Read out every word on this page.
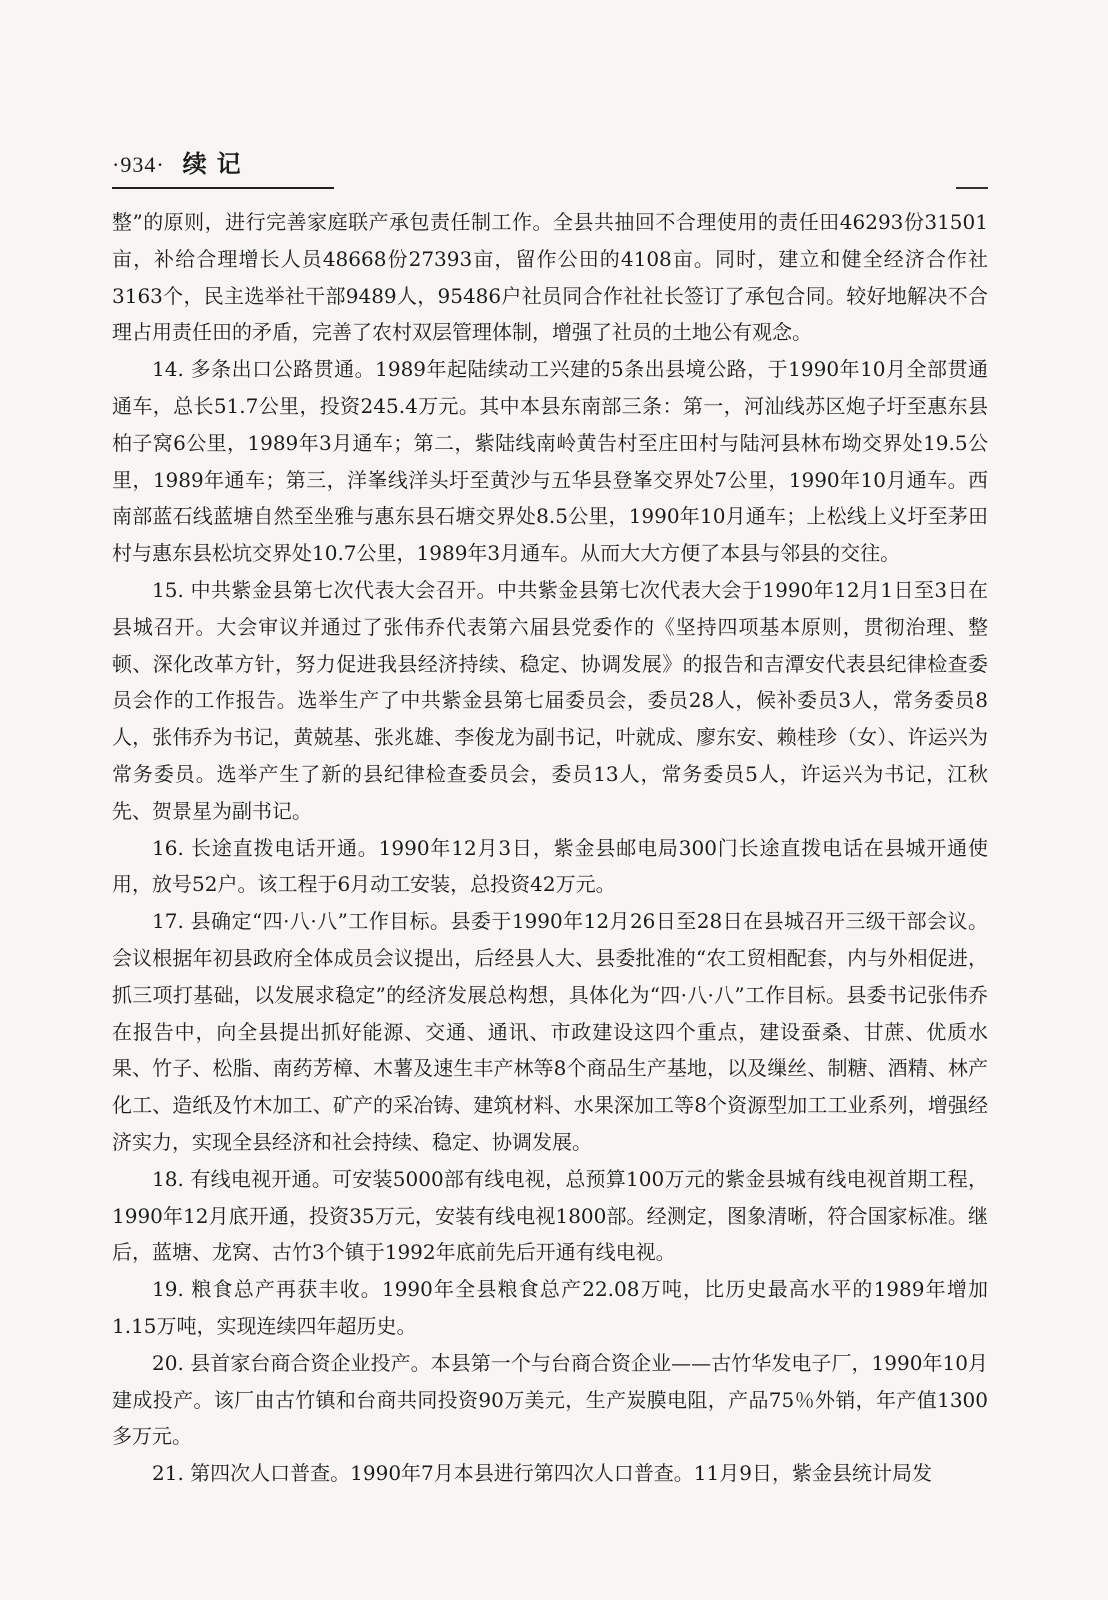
·934· 续记

整”的原则，进行完善家庭联产承包责任制工作。全县共抽回不合理使用的责任田46293份31501亩，补给合理增长人员48668份27393亩，留作公田的4108亩。同时，建立和健全经济合作社3163个，民主选举社干部9489人，95486户社员同合作社社长签订了承包合同。较好地解决不合理占用责任田的矛盾，完善了农村双层管理体制，增强了社员的土地公有观念。

14. 多条出口公路贯通。1989年起陆续动工兴建的5条出县境公路，于1990年10月全部贯通通车，总长51.7公里，投资245.4万元。其中本县东南部三条：第一，河汕线苏区炮子圩至惠东县柏子窝6公里，1989年3月通车；第二，紫陆线南岭黄告村至庄田村与陆河县林布坳交界处19.5公里，1989年通车；第三，洋峯线洋头圩至黄沙与五华县登峯交界处7公里，1990年10月通车。西南部蓝石线蓝塘自然至坐雅与惠东县石塘交界处8.5公里，1990年10月通车；上松线上义圩至茅田村与惠东县松坑交界处10.7公里，1989年3月通车。从而大大方便了本县与邻县的交往。

15. 中共紫金县第七次代表大会召开。中共紫金县第七次代表大会于1990年12月1日至3日在县城召开。大会审议并通过了张伟乔代表第六届县党委作的《坚持四项基本原则，贯彻治理、整顿、深化改革方针，努力促进我县经济持续、稳定、协调发展》的报告和吉潭安代表县纪律检查委员会作的工作报告。选举生产了中共紫金县第七届委员会，委员28人，候补委员3人，常务委员8人，张伟乔为书记，黄兢基、张兆雄、李俊龙为副书记，叶就成、廖东安、赖桂珍（女）、许运兴为常务委员。选举产生了新的县纪律检查委员会，委员13人，常务委员5人，许运兴为书记，江秋先、贺景星为副书记。

16. 长途直拨电话开通。1990年12月3日，紫金县邮电局300门长途直拨电话在县城开通使用，放号52户。该工程于6月动工安装，总投资42万元。

17. 县确定“四·八·八”工作目标。县委于1990年12月26日至28日在县城召开三级干部会议。会议根据年初县政府全体成员会议提出，后经县人大、县委批准的“农工贸相配套，内与外相促进，抓三项打基础，以发展求稳定”的经济发展总构想，具体化为“四·八·八”工作目标。县委书记张伟乔在报告中，向全县提出抓好能源、交通、通讯、市政建设这四个重点，建设蚕桑、甘蔗、优质水果、竹子、松脂、南药芳樟、木薯及速生丰产林等8个商品生产基地，以及缫丝、制糖、酒精、林产化工、造纸及竹木加工、矿产的采冶铸、建筑材料、水果深加工等8个资源型加工工业系列，增强经济实力，实现全县经济和社会持续、稳定、协调发展。

18. 有线电视开通。可安装5000部有线电视，总预算100万元的紫金县城有线电视首期工程，1990年12月底开通，投资35万元，安装有线电视1800部。经测定，图象清晰，符合国家标准。继后，蓝塘、龙窝、古竹3个镇于1992年底前先后开通有线电视。

19. 粮食总产再获丰收。1990年全县粮食总产22.08万吨，比历史最高水平的1989年增加1.15万吨，实现连续四年超历史。

20. 县首家台商合资企业投产。本县第一个与台商合资企业——古竹华发电子厂，1990年10月建成投产。该厂由古竹镇和台商共同投资90万美元，生产炭膜电阻，产品75％外销，年产值1300多万元。

21. 第四次人口普查。1990年7月本县进行第四次人口普查。11月9日，紫金县统计局发
